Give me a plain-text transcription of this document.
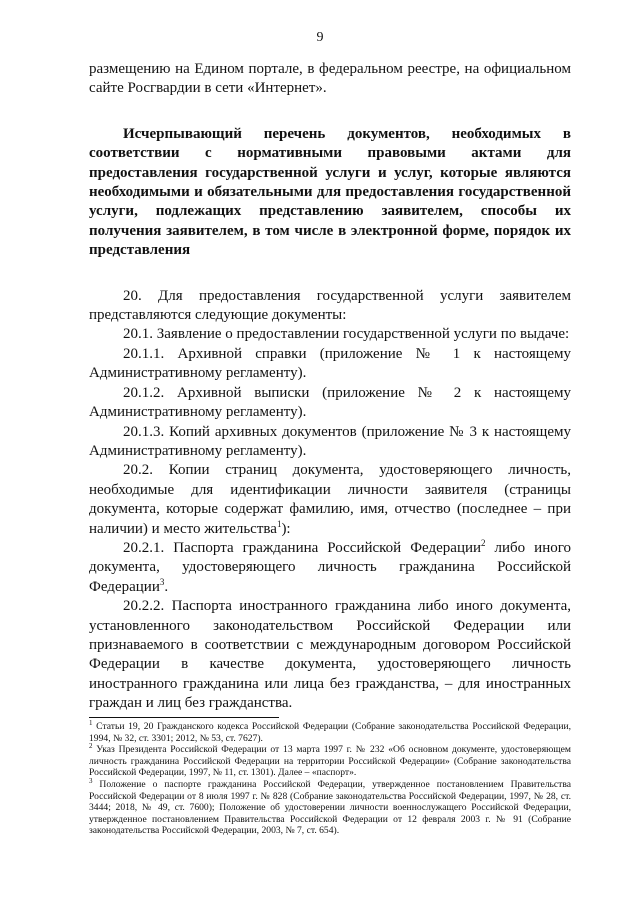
9

размещению на Едином портале, в федеральном реестре, на официальном сайте Росгвардии в сети «Интернет».

Исчерпывающий перечень документов, необходимых в соответствии с нормативными правовыми актами для предоставления государственной услуги и услуг, которые являются необходимыми и обязательными для предоставления государственной услуги, подлежащих представлению заявителем, способы их получения заявителем, в том числе в электронной форме, порядок их представления

20. Для предоставления государственной услуги заявителем представляются следующие документы:

20.1. Заявление о предоставлении государственной услуги по выдаче:

20.1.1. Архивной справки (приложение № 1 к настоящему Административному регламенту).

20.1.2. Архивной выписки (приложение № 2 к настоящему Административному регламенту).

20.1.3. Копий архивных документов (приложение № 3 к настоящему Административному регламенту).

20.2. Копии страниц документа, удостоверяющего личность, необходимые для идентификации личности заявителя (страницы документа, которые содержат фамилию, имя, отчество (последнее – при наличии) и место жительства$^1$):

20.2.1. Паспорта гражданина Российской Федерации$^2$ либо иного документа, удостоверяющего личность гражданина Российской Федерации$^3$.

20.2.2. Паспорта иностранного гражданина либо иного документа, установленного законодательством Российской Федерации или признаваемого в соответствии с международным договором Российской Федерации в качестве документа, удостоверяющего личность иностранного гражданина или лица без гражданства, – для иностранных граждан и лиц без гражданства.

$^1$ Статьи 19, 20 Гражданского кодекса Российской Федерации (Собрание законодательства Российской Федерации, 1994, № 32, ст. 3301; 2012, № 53, ст. 7627).

$^2$ Указ Президента Российской Федерации от 13 марта 1997 г. № 232 «Об основном документе, удостоверяющем личность гражданина Российской Федерации на территории Российской Федерации» (Собрание законодательства Российской Федерации, 1997, № 11, ст. 1301). Далее – «паспорт».

$^3$ Положение о паспорте гражданина Российской Федерации, утвержденное постановлением Правительства Российской Федерации от 8 июля 1997 г. № 828 (Собрание законодательства Российской Федерации, 1997, № 28, ст. 3444; 2018, № 49, ст. 7600); Положение об удостоверении личности военнослужащего Российской Федерации, утвержденное постановлением Правительства Российской Федерации от 12 февраля 2003 г. № 91 (Собрание законодательства Российской Федерации, 2003, № 7, ст. 654).
